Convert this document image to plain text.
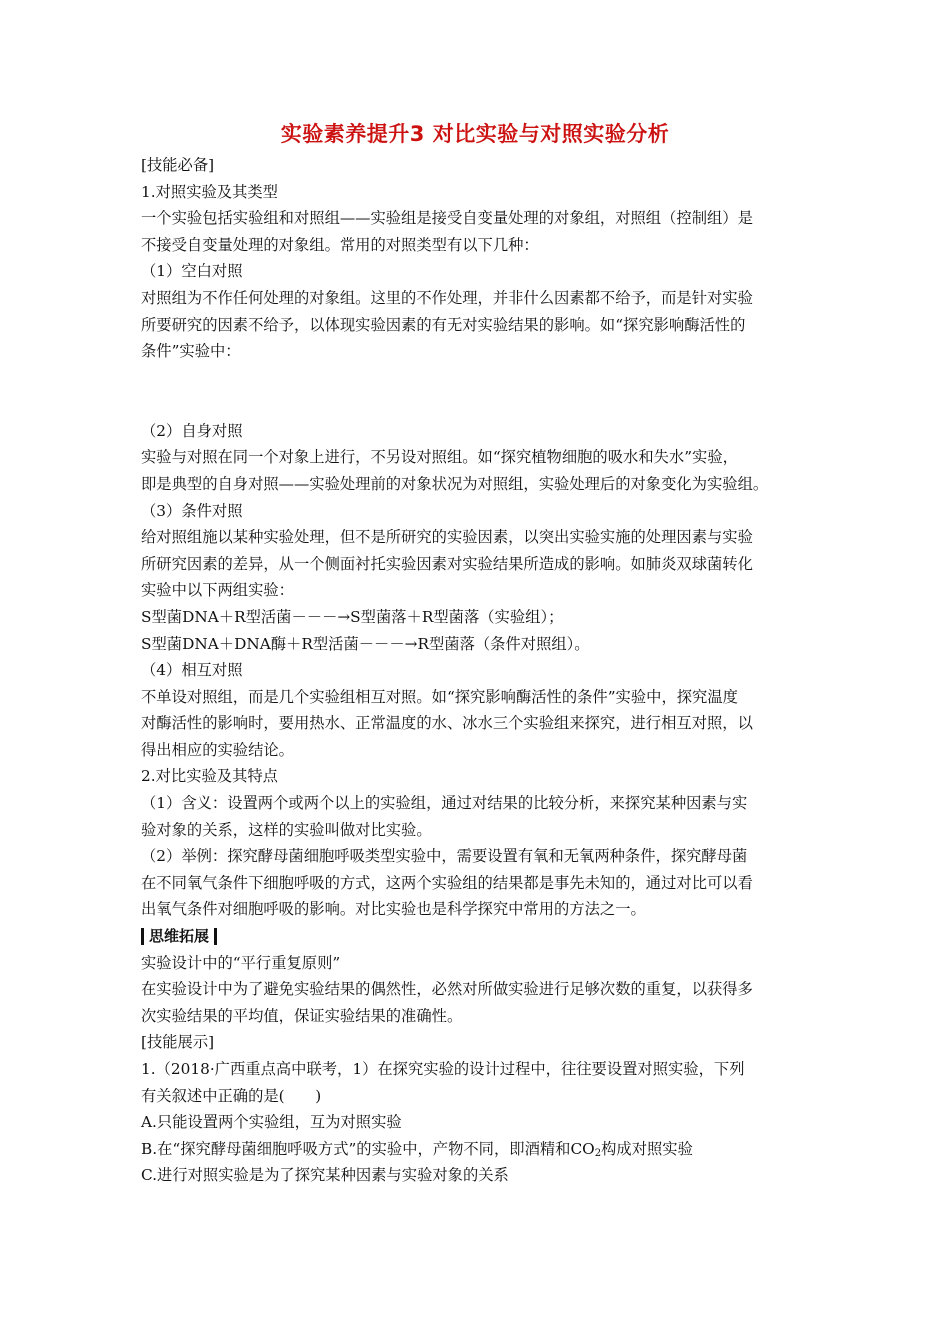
实验素养提升3 对比实验与对照实验分析
[技能必备]
1.对照实验及其类型
一个实验包括实验组和对照组——实验组是接受自变量处理的对象组，对照组（控制组）是
不接受自变量处理的对象组。常用的对照类型有以下几种：
（1）空白对照
对照组为不作任何处理的对象组。这里的不作处理，并非什么因素都不给予，而是针对实验
所要研究的因素不给予，以体现实验因素的有无对实验结果的影响。如“探究影响酶活性的
条件”实验中：
（2）自身对照
实验与对照在同一个对象上进行，不另设对照组。如“探究植物细胞的吸水和失水”实验，
即是典型的自身对照——实验处理前的对象状况为对照组，实验处理后的对象变化为实验组。
（3）条件对照
给对照组施以某种实验处理，但不是所研究的实验因素，以突出实验实施的处理因素与实验
所研究因素的差异，从一个侧面衬托实验因素对实验结果所造成的影响。如肺炎双球菌转化
实验中以下两组实验：
S型菌DNA＋R型活菌－－－→S型菌落＋R型菌落（实验组）；
S型菌DNA＋DNA酶＋R型活菌－－－→R型菌落（条件对照组）。
（4）相互对照
不单设对照组，而是几个实验组相互对照。如“探究影响酶活性的条件”实验中，探究温度
对酶活性的影响时，要用热水、正常温度的水、冰水三个实验组来探究，进行相互对照，以
得出相应的实验结论。
2.对比实验及其特点
（1）含义：设置两个或两个以上的实验组，通过对结果的比较分析，来探究某种因素与实
验对象的关系，这样的实验叫做对比实验。
（2）举例：探究酵母菌细胞呼吸类型实验中，需要设置有氧和无氧两种条件，探究酵母菌
在不同氧气条件下细胞呼吸的方式，这两个实验组的结果都是事先未知的，通过对比可以看
出氧气条件对细胞呼吸的影响。对比实验也是科学探究中常用的方法之一。
思维拓展
实验设计中的“平行重复原则”
在实验设计中为了避免实验结果的偶然性，必然对所做实验进行足够次数的重复，以获得多
次实验结果的平均值，保证实验结果的准确性。
[技能展示]
1.（2018·广西重点高中联考，1）在探究实验的设计过程中，往往要设置对照实验，下列
有关叙述中正确的是(　　)
A.只能设置两个实验组，互为对照实验
B.在“探究酵母菌细胞呼吸方式”的实验中，产物不同，即酒精和$CO_2$构成对照实验
C.进行对照实验是为了探究某种因素与实验对象的关系
